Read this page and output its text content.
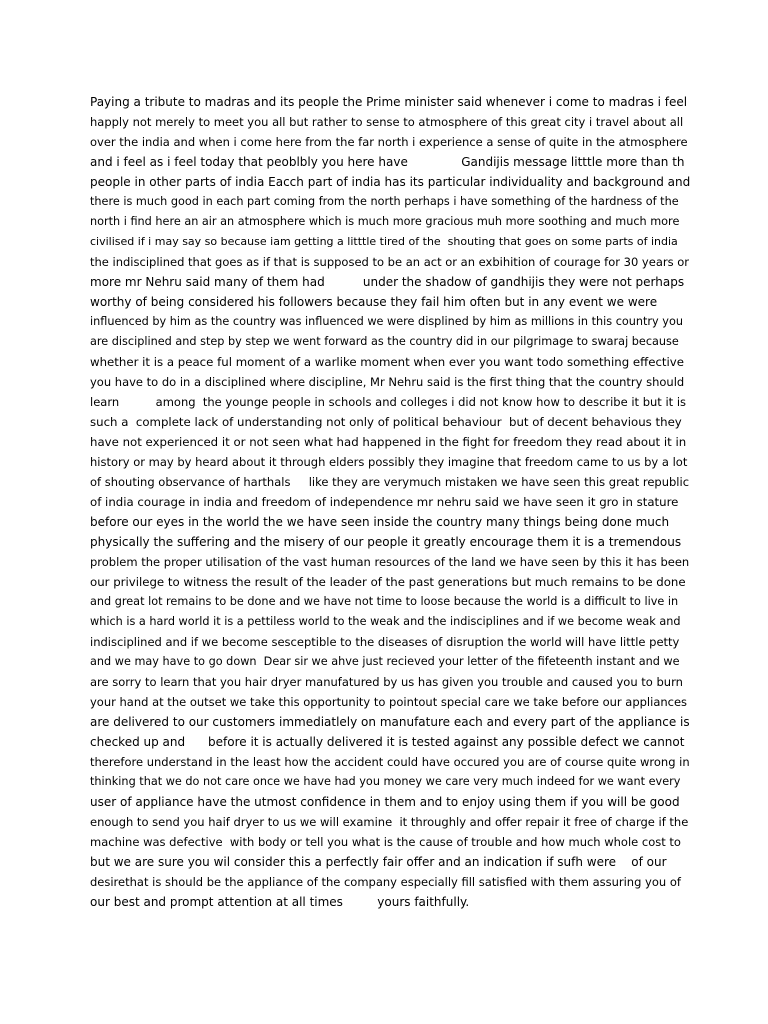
Paying a tribute to madras and its people the Prime minister said whenever i come to madras i feel
happly not merely to meet you all but rather to sense to atmosphere of this great city i travel about all
over the india and when i come here from the far north i experience a sense of quite in the atmosphere
and i feel as i feel today that peoblbly you here have              Gandijis message litttle more than th
people in other parts of india Eacch part of india has its particular individuality and background and
there is much good in each part coming from the north perhaps i have something of the hardness of the
north i find here an air an atmosphere which is much more gracious muh more soothing and much more
civilised if i may say so because iam getting a litttle tired of the  shouting that goes on some parts of india
the indisciplined that goes as if that is supposed to be an act or an exbihition of courage for 30 years or
more mr Nehru said many of them had          under the shadow of gandhijis they were not perhaps
worthy of being considered his followers because they fail him often but in any event we were
influenced by him as the country was influenced we were displined by him as millions in this country you
are disciplined and step by step we went forward as the country did in our pilgrimage to swaraj because
whether it is a peace ful moment of a warlike moment when ever you want todo something effective
you have to do in a disciplined where discipline, Mr Nehru said is the first thing that the country should
learn          among  the younge people in schools and colleges i did not know how to describe it but it is
such a  complete lack of understanding not only of political behaviour  but of decent behavious they
have not experienced it or not seen what had happened in the fight for freedom they read about it in
history or may by heard about it through elders possibly they imagine that freedom came to us by a lot
of shouting observance of harthals     like they are verymuch mistaken we have seen this great republic
of india courage in india and freedom of independence mr nehru said we have seen it gro in stature
before our eyes in the world the we have seen inside the country many things being done much
physically the suffering and the misery of our people it greatly encourage them it is a tremendous
problem the proper utilisation of the vast human resources of the land we have seen by this it has been
our privilege to witness the result of the leader of the past generations but much remains to be done
and great lot remains to be done and we have not time to loose because the world is a difficult to live in
which is a hard world it is a pettiless world to the weak and the indisciplines and if we become weak and
indisciplined and if we become sesceptible to the diseases of disruption the world will have little petty
and we may have to go down  Dear sir we ahve just recieved your letter of the fifeteenth instant and we
are sorry to learn that you hair dryer manufatured by us has given you trouble and caused you to burn
your hand at the outset we take this opportunity to pointout special care we take before our appliances
are delivered to our customers immediatlely on manufature each and every part of the appliance is
checked up and      before it is actually delivered it is tested against any possible defect we cannot
therefore understand in the least how the accident could have occured you are of course quite wrong in
thinking that we do not care once we have had you money we care very much indeed for we want every
user of appliance have the utmost confidence in them and to enjoy using them if you will be good
enough to send you haif dryer to us we will examine  it throughly and offer repair it free of charge if the
machine was defective  with body or tell you what is the cause of trouble and how much whole cost to
but we are sure you wil consider this a perfectly fair offer and an indication if sufh were    of our
desirethat is should be the appliance of the company especially fill satisfied with them assuring you of
our best and prompt attention at all times         yours faithfully.
